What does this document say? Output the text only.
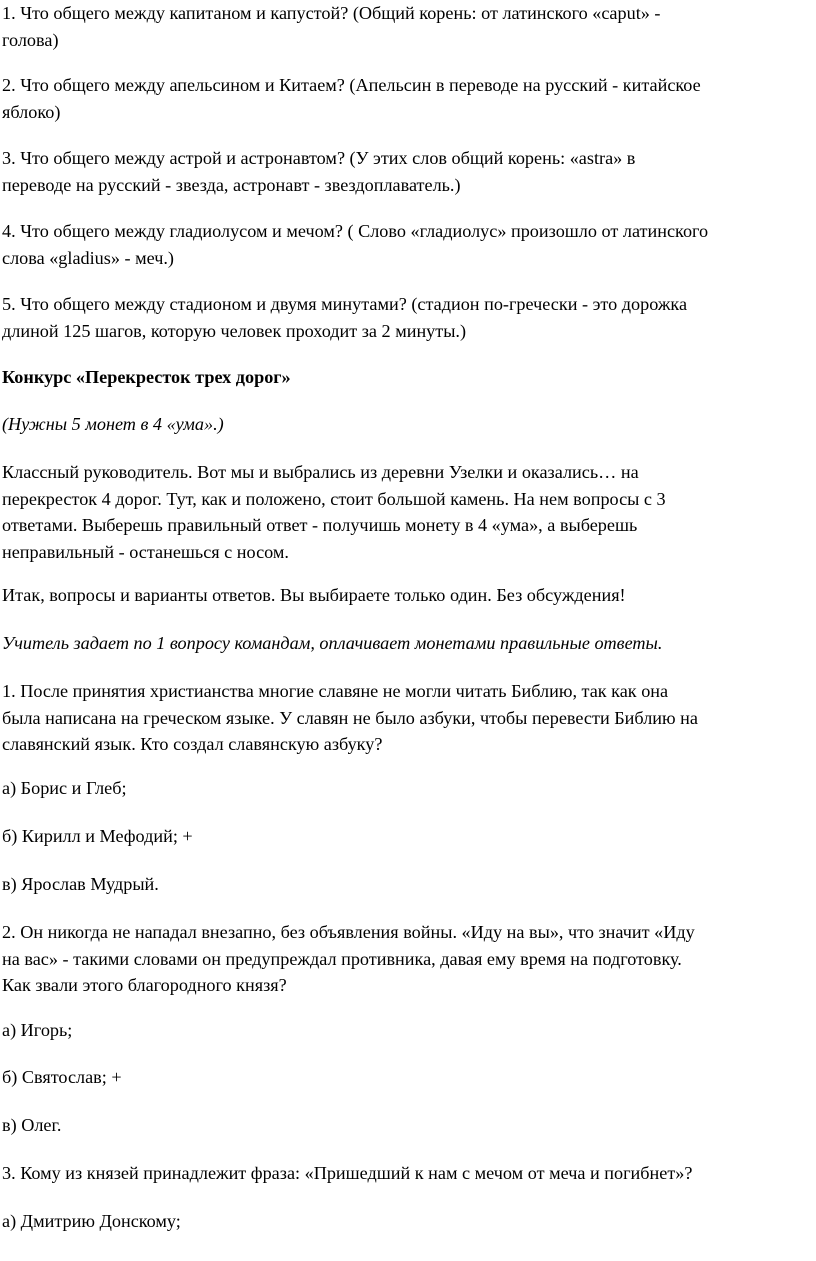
1. Что общего между капитаном и капустой? (Общий корень: от латинского «caput» -
голова)

2. Что общего между апельсином и Китаем? (Апельсин в переводе на русский - китайское
яблоко)

3. Что общего между астрой и астронавтом? (У этих слов общий корень: «astra» в
переводе на русский - звезда, астронавт - звездоплаватель.)

4. Что общего между гладиолусом и мечом? ( Слово «гладиолус» произошло от латинского
слова «gladius» - меч.)

5. Что общего между стадионом и двумя минутами? (стадион по-гречески - это дорожка
длиной 125 шагов, которую человек проходит за 2 минуты.)

Конкурс «Перекресток трех дорог»

(Нужны 5 монет в 4 «ума».)

Классный руководитель. Вот мы и выбрались из деревни Узелки и оказались… на
перекресток 4 дорог. Тут, как и положено, стоит большой камень. На нем вопросы с 3
ответами. Выберешь правильный ответ - получишь монету в 4 «ума», а выберешь
неправильный - останешься с носом.

Итак, вопросы и варианты ответов. Вы выбираете только один. Без обсуждения!

Учитель задает по 1 вопросу командам, оплачивает монетами правильные ответы.

1. После принятия христианства многие славяне не могли читать Библию, так как она
была написана на греческом языке. У славян не было азбуки, чтобы перевести Библию на
славянский язык. Кто создал славянскую азбуку?

а) Борис и Глеб;

б) Кирилл и Мефодий; +

в) Ярослав Мудрый.

2. Он никогда не нападал внезапно, без объявления войны. «Иду на вы», что значит «Иду
на вас» - такими словами он предупреждал противника, давая ему время на подготовку.
Как звали этого благородного князя?

а) Игорь;

б) Святослав; +

в) Олег.

3. Кому из князей принадлежит фраза: «Пришедший к нам с мечом от меча и погибнет»?

а) Дмитрию Донскому;
